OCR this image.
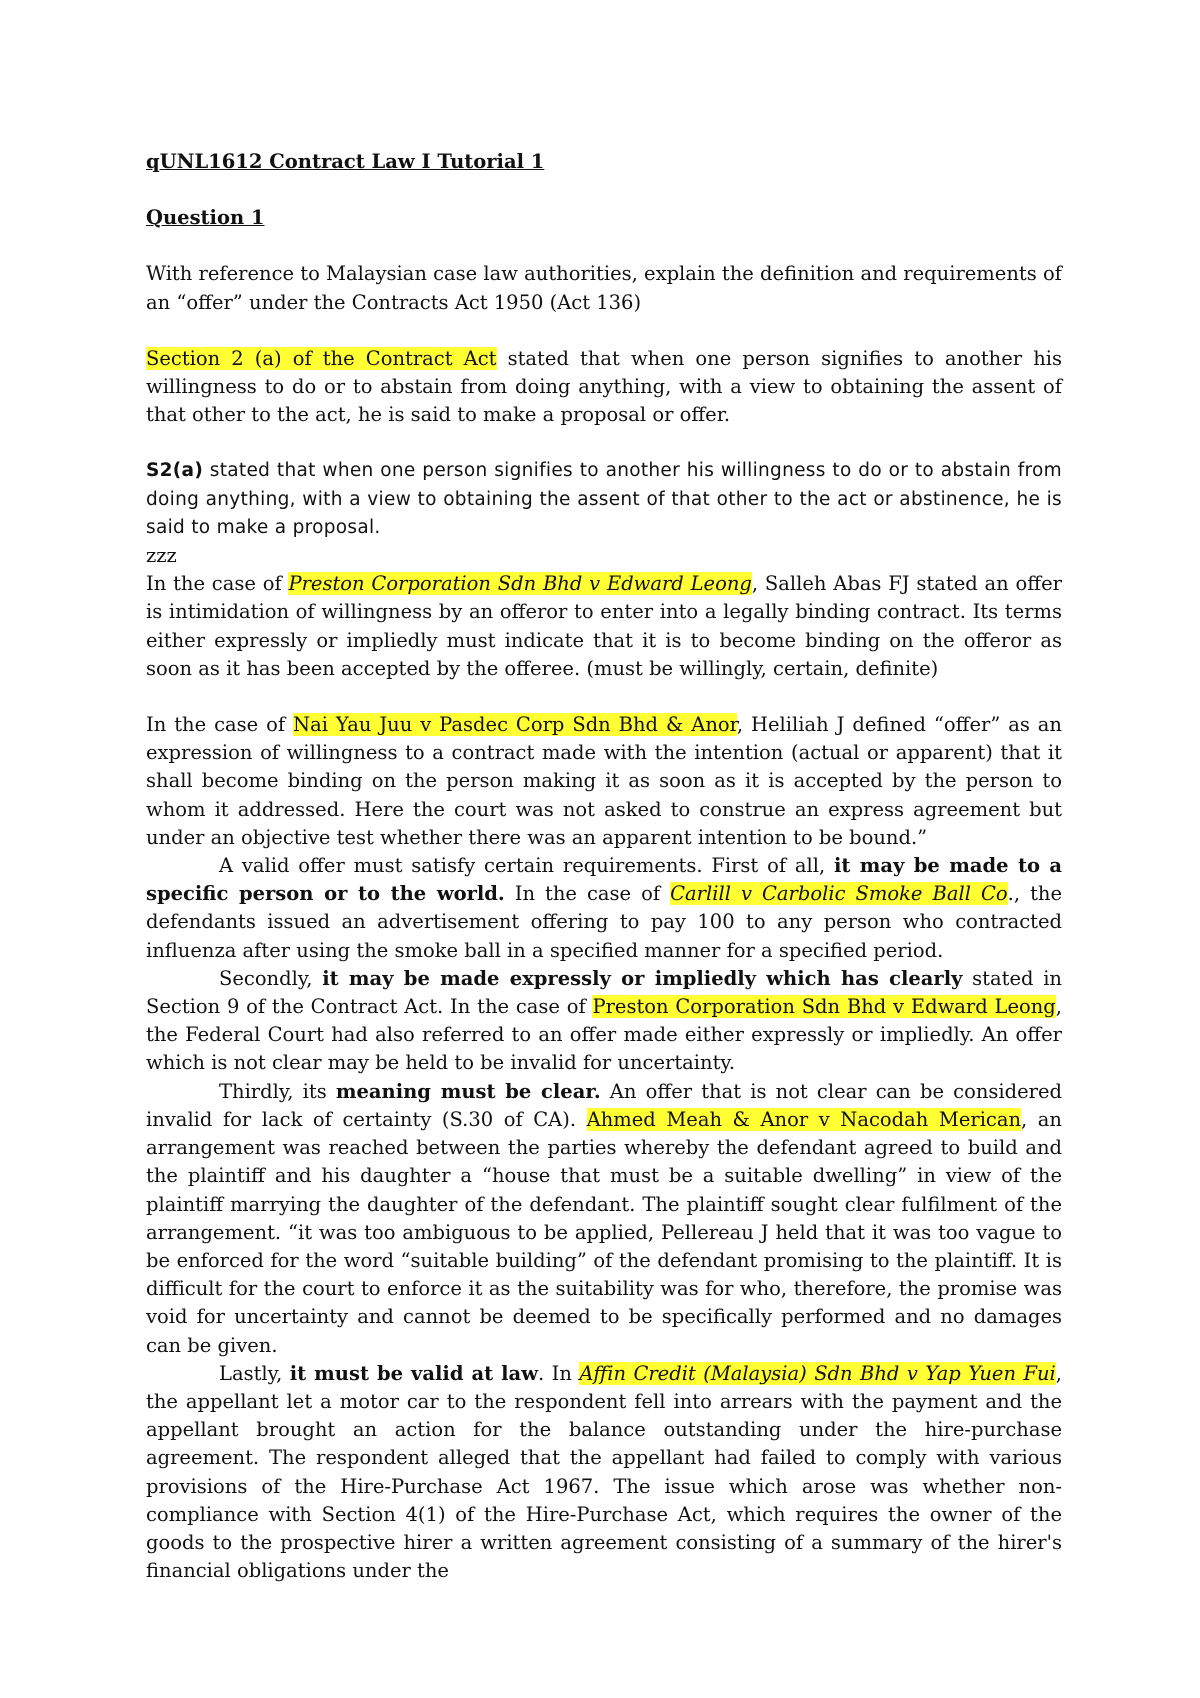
qUNL1612 Contract Law I Tutorial 1

Question 1

With reference to Malaysian case law authorities, explain the definition and requirements of an “offer” under the Contracts Act 1950 (Act 136)

Section 2 (a) of the Contract Act stated that when one person signifies to another his willingness to do or to abstain from doing anything, with a view to obtaining the assent of that other to the act, he is said to make a proposal or offer.

S2(a) stated that when one person signifies to another his willingness to do or to abstain from doing anything, with a view to obtaining the assent of that other to the act or abstinence, he is said to make a proposal.

zzz

In the case of Preston Corporation Sdn Bhd v Edward Leong, Salleh Abas FJ stated an offer is intimidation of willingness by an offeror to enter into a legally binding contract. Its terms either expressly or impliedly must indicate that it is to become binding on the offeror as soon as it has been accepted by the offeree. (must be willingly, certain, definite)

In the case of Nai Yau Juu v Pasdec Corp Sdn Bhd & Anor, Heliliah J defined “offer” as an expression of willingness to a contract made with the intention (actual or apparent) that it shall become binding on the person making it as soon as it is accepted by the person to whom it addressed. Here the court was not asked to construe an express agreement but under an objective test whether there was an apparent intention to be bound.”

A valid offer must satisfy certain requirements. First of all, it may be made to a specific person or to the world. In the case of Carlill v Carbolic Smoke Ball Co., the defendants issued an advertisement offering to pay 100 to any person who contracted influenza after using the smoke ball in a specified manner for a specified period.

Secondly, it may be made expressly or impliedly which has clearly stated in Section 9 of the Contract Act. In the case of Preston Corporation Sdn Bhd v Edward Leong, the Federal Court had also referred to an offer made either expressly or impliedly. An offer which is not clear may be held to be invalid for uncertainty.

Thirdly, its meaning must be clear. An offer that is not clear can be considered invalid for lack of certainty (S.30 of CA). Ahmed Meah & Anor v Nacodah Merican, an arrangement was reached between the parties whereby the defendant agreed to build and the plaintiff and his daughter a “house that must be a suitable dwelling” in view of the plaintiff marrying the daughter of the defendant. The plaintiff sought clear fulfilment of the arrangement. “it was too ambiguous to be applied, Pellereau J held that it was too vague to be enforced for the word “suitable building” of the defendant promising to the plaintiff. It is difficult for the court to enforce it as the suitability was for who, therefore, the promise was void for uncertainty and cannot be deemed to be specifically performed and no damages can be given.

Lastly, it must be valid at law. In Affin Credit (Malaysia) Sdn Bhd v Yap Yuen Fui, the appellant let a motor car to the respondent fell into arrears with the payment and the appellant brought an action for the balance outstanding under the hire-purchase agreement. The respondent alleged that the appellant had failed to comply with various provisions of the Hire-Purchase Act 1967. The issue which arose was whether non-compliance with Section 4(1) of the Hire-Purchase Act, which requires the owner of the goods to the prospective hirer a written agreement consisting of a summary of the hirer's financial obligations under the
